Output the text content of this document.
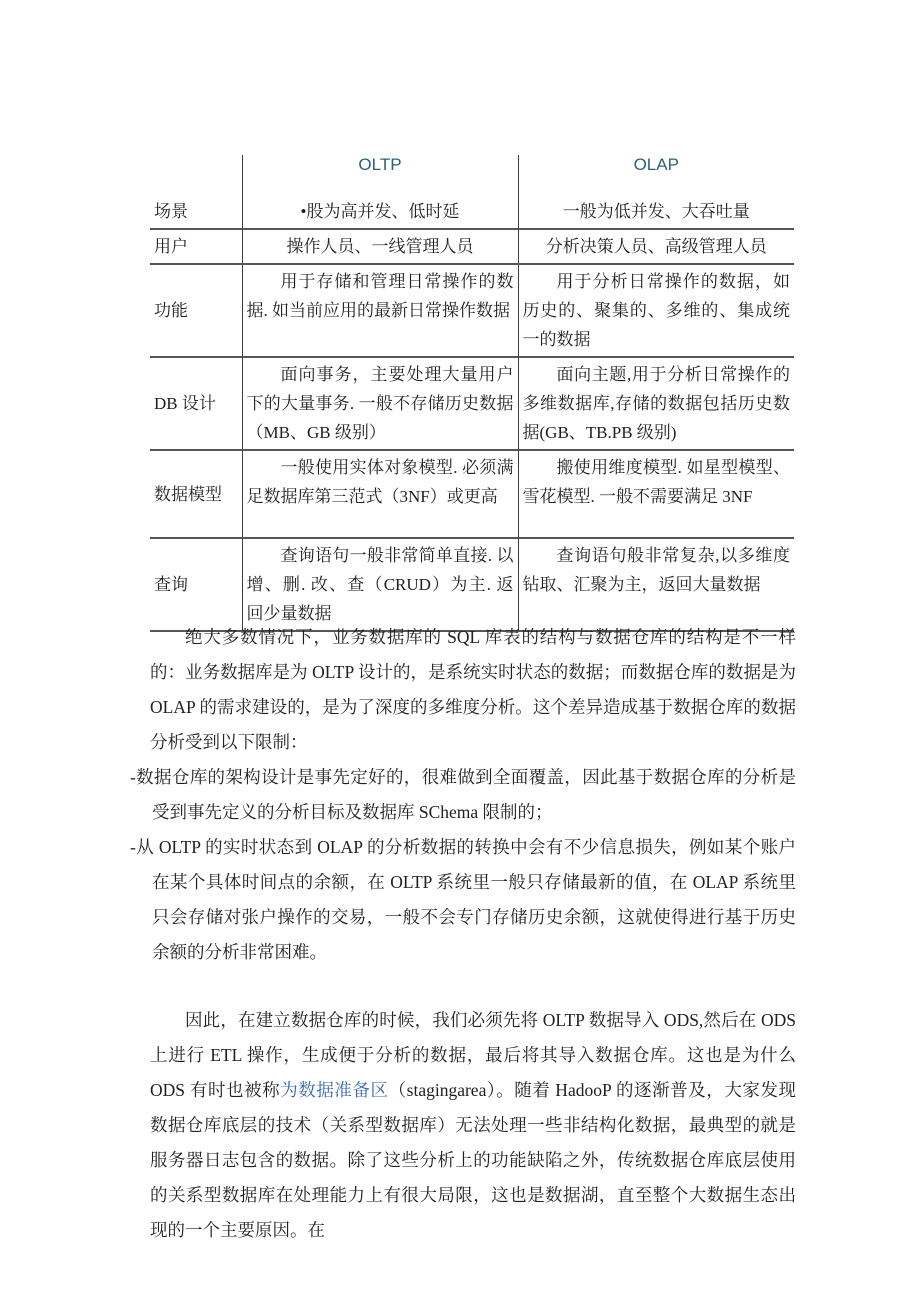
	OLTP	OLAP
场景	•股为高并发、低时延	一般为低并发、大吞吐量
用户	操作人员、一线管理人员	分析决策人员、高级管理人员
功能	用于存储和管理日常操作的数据. 如当前应用的最新日常操作数据	用于分析日常操作的数据，如历史的、聚集的、多维的、集成统一的数据
DB 设计	面向事务，主要处理大量用户下的大量事务. 一般不存储历史数据（MB、GB 级别）	面向主题,用于分析日常操作的多维数据库,存储的数据包括历史数据(GB、TB.PB 级别)
数据模型	一般使用实体对象模型. 必须满足数据库第三范式（3NF）或更高	搬使用维度模型. 如星型模型、雪花模型. 一般不需要满足 3NF
查询	查询语句一般非常简单直接. 以增、删. 改、查（CRUD）为主. 返回少量数据	查询语句般非常复杂,以多维度钻取、汇聚为主，返回大量数据

绝大多数情况下，业务数据库的 SQL 库表的结构与数据仓库的结构是不一样的：业务数据库是为 OLTP 设计的，是系统实时状态的数据；而数据仓库的数据是为 OLAP 的需求建设的，是为了深度的多维度分析。这个差异造成基于数据仓库的数据分析受到以下限制：

-数据仓库的架构设计是事先定好的，很难做到全面覆盖，因此基于数据仓库的分析是受到事先定义的分析目标及数据库 SChema 限制的；

-从 OLTP 的实时状态到 OLAP 的分析数据的转换中会有不少信息损失，例如某个账户在某个具体时间点的余额，在 OLTP 系统里一般只存储最新的值，在 OLAP 系统里只会存储对张户操作的交易，一般不会专门存储历史余额，这就使得进行基于历史余额的分析非常困难。

因此，在建立数据仓库的时候，我们必须先将 OLTP 数据导入 ODS,然后在 ODS 上进行 ETL 操作，生成便于分析的数据，最后将其导入数据仓库。这也是为什么 ODS 有时也被称为数据准备区（stagingarea）。随着 HadooP 的逐渐普及，大家发现数据仓库底层的技术（关系型数据库）无法处理一些非结构化数据，最典型的就是服务器日志包含的数据。除了这些分析上的功能缺陷之外，传统数据仓库底层使用的关系型数据库在处理能力上有很大局限，这也是数据湖，直至整个大数据生态出现的一个主要原因。在
